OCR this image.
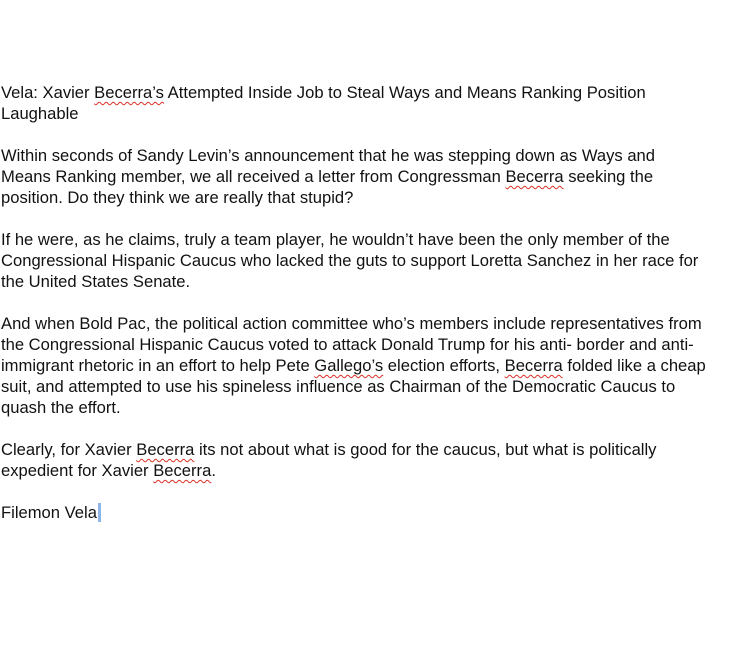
Vela: Xavier Becerra’s Attempted Inside Job to Steal Ways and Means Ranking Position
Laughable
Within seconds of Sandy Levin’s announcement that he was stepping down as Ways and
Means Ranking member, we all received a letter from Congressman Becerra seeking the
position. Do they think we are really that stupid?
If he were, as he claims, truly a team player, he wouldn’t have been the only member of the
Congressional Hispanic Caucus who lacked the guts to support Loretta Sanchez in her race for
the United States Senate.
And when Bold Pac, the political action committee who’s members include representatives from
the Congressional Hispanic Caucus voted to attack Donald Trump for his anti- border and anti-
immigrant rhetoric in an effort to help Pete Gallego’s election efforts, Becerra folded like a cheap
suit, and attempted to use his spineless influence as Chairman of the Democratic Caucus to
quash the effort.
Clearly, for Xavier Becerra its not about what is good for the caucus, but what is politically
expedient for Xavier Becerra.
Filemon Vela
